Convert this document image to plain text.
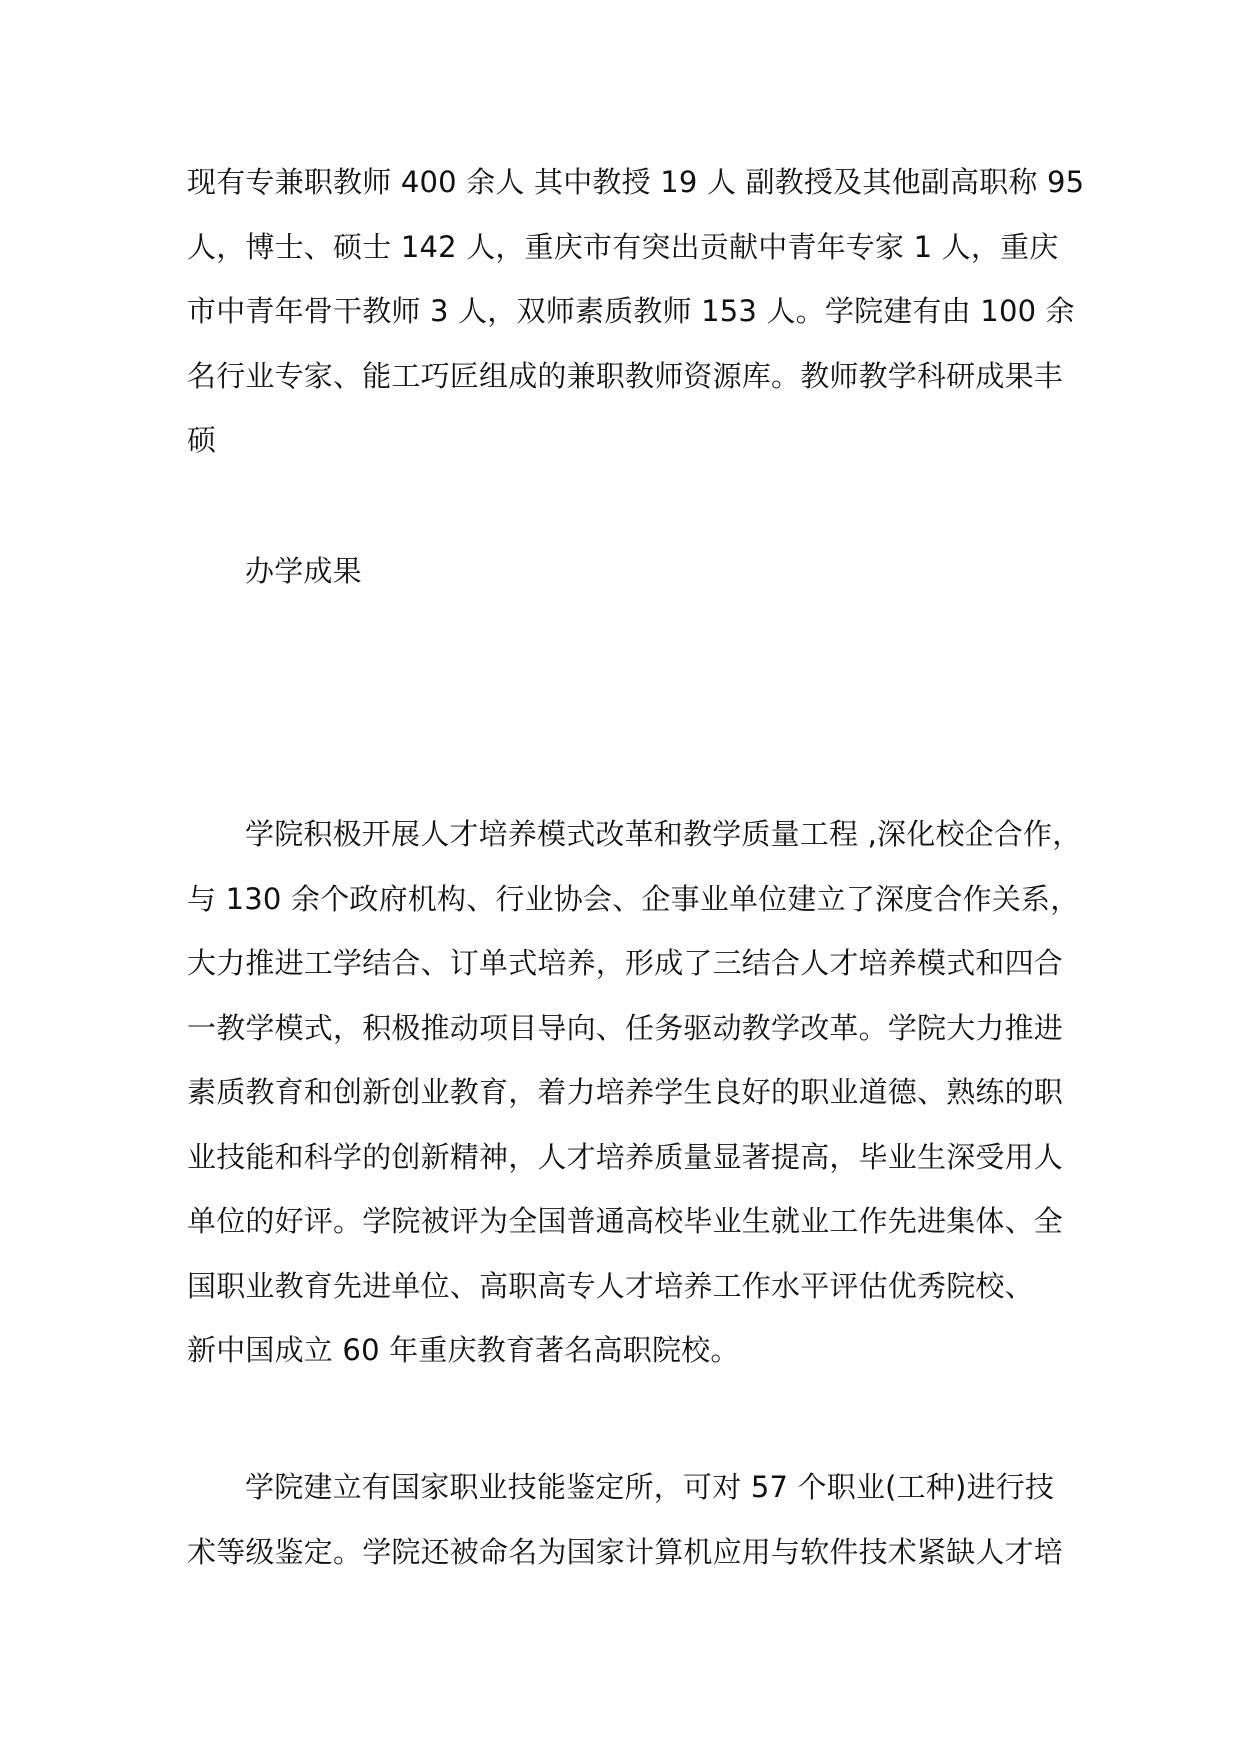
现有专兼职教师 400 余人 其中教授 19 人 副教授及其他副高职称 95
人，博士、硕士 142 人，重庆市有突出贡献中青年专家 1 人，重庆
市中青年骨干教师 3 人，双师素质教师 153 人。学院建有由 100 余
名行业专家、能工巧匠组成的兼职教师资源库。教师教学科研成果丰
硕

办学成果

学院积极开展人才培养模式改革和教学质量工程 ,深化校企合作，
与 130 余个政府机构、行业协会、企事业单位建立了深度合作关系，
大力推进工学结合、订单式培养，形成了三结合人才培养模式和四合
一教学模式，积极推动项目导向、任务驱动教学改革。学院大力推进
素质教育和创新创业教育，着力培养学生良好的职业道德、熟练的职
业技能和科学的创新精神，人才培养质量显著提高，毕业生深受用人
单位的好评。学院被评为全国普通高校毕业生就业工作先进集体、全
国职业教育先进单位、高职高专人才培养工作水平评估优秀院校、
新中国成立 60 年重庆教育著名高职院校。

学院建立有国家职业技能鉴定所，可对 57 个职业(工种)进行技
术等级鉴定。学院还被命名为国家计算机应用与软件技术紧缺人才培
